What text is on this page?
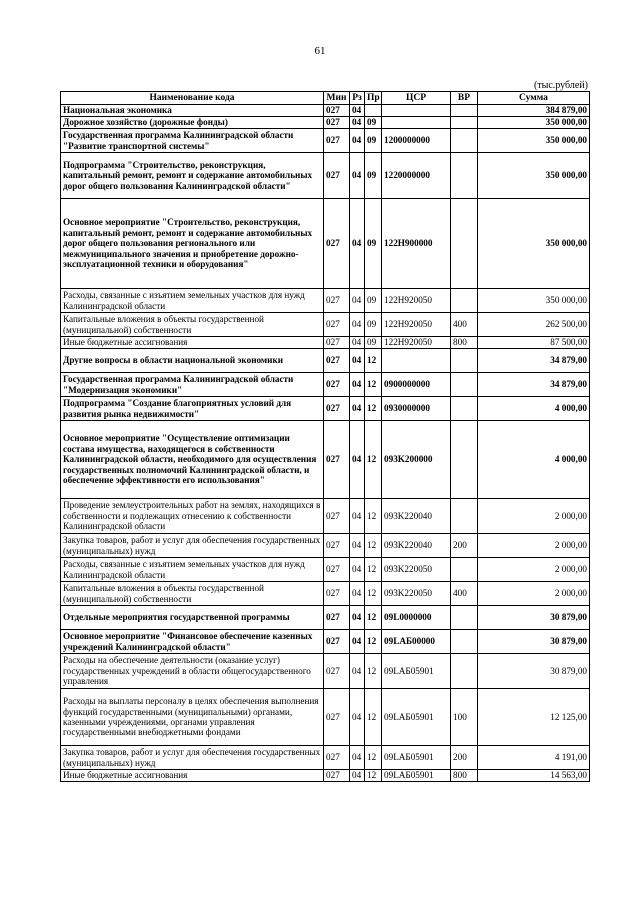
61
(тыс.рублей)
Наименование кода	Мин	Рз	Пр	ЦСР	ВР	Сумма
Национальная экономика	027	04				384 879,00
Дорожное хозяйство (дорожные фонды)	027	04	09			350 000,00
Государственная программа Калининградской области "Развитие транспортной системы"	027	04	09	1200000000		350 000,00
Подпрограмма "Строительство, реконструкция, капитальный ремонт, ремонт и содержание автомобильных дорог общего пользования Калининградской области"	027	04	09	1220000000		350 000,00
Основное мероприятие "Строительство, реконструкция, капитальный ремонт, ремонт и содержание автомобильных дорог общего пользования регионального или межмуниципального значения и приобретение дорожно-эксплуатационной техники и оборудования"	027	04	09	122H900000		350 000,00
Расходы, связанные с изъятием земельных участков для нужд Калининградской области	027	04	09	122H920050		350 000,00
Капитальные вложения в объекты государственной (муниципальной) собственности	027	04	09	122H920050	400	262 500,00
Иные бюджетные ассигнования	027	04	09	122H920050	800	87 500,00
Другие вопросы в области национальной экономики	027	04	12			34 879,00
Государственная программа Калининградской области "Модернизация экономики"	027	04	12	0900000000		34 879,00
Подпрограмма "Создание благоприятных условий для развития рынка недвижимости"	027	04	12	0930000000		4 000,00
Основное мероприятие "Осуществление оптимизации состава имущества, находящегося в собственности Калининградской области, необходимого для осуществления государственных полномочий Калининградской области, и обеспечение эффективности его использования"	027	04	12	093K200000		4 000,00
Проведение землеустроительных работ на землях, находящихся в собственности и подлежащих отнесению к собственности Калининградской области	027	04	12	093K220040		2 000,00
Закупка товаров, работ и услуг для обеспечения государственных (муниципальных) нужд	027	04	12	093K220040	200	2 000,00
Расходы, связанные с изъятием земельных участков для нужд Калининградской области	027	04	12	093K220050		2 000,00
Капитальные вложения в объекты государственной (муниципальной) собственности	027	04	12	093K220050	400	2 000,00
Отдельные мероприятия государственной программы	027	04	12	09L0000000		30 879,00
Основное мероприятие "Финансовое обеспечение казенных учреждений Калининградской области"	027	04	12	09LAБ00000		30 879,00
Расходы на обеспечение деятельности (оказание услуг) государственных учреждений в области общегосударственного управления	027	04	12	09LAБ05901		30 879,00
Расходы на выплаты персоналу в целях обеспечения выполнения функций государственными (муниципальными) органами, казенными учреждениями, органами управления государственными внебюджетными фондами	027	04	12	09LAБ05901	100	12 125,00
Закупка товаров, работ и услуг для обеспечения государственных (муниципальных) нужд	027	04	12	09LAБ05901	200	4 191,00
Иные бюджетные ассигнования	027	04	12	09LAБ05901	800	14 563,00
